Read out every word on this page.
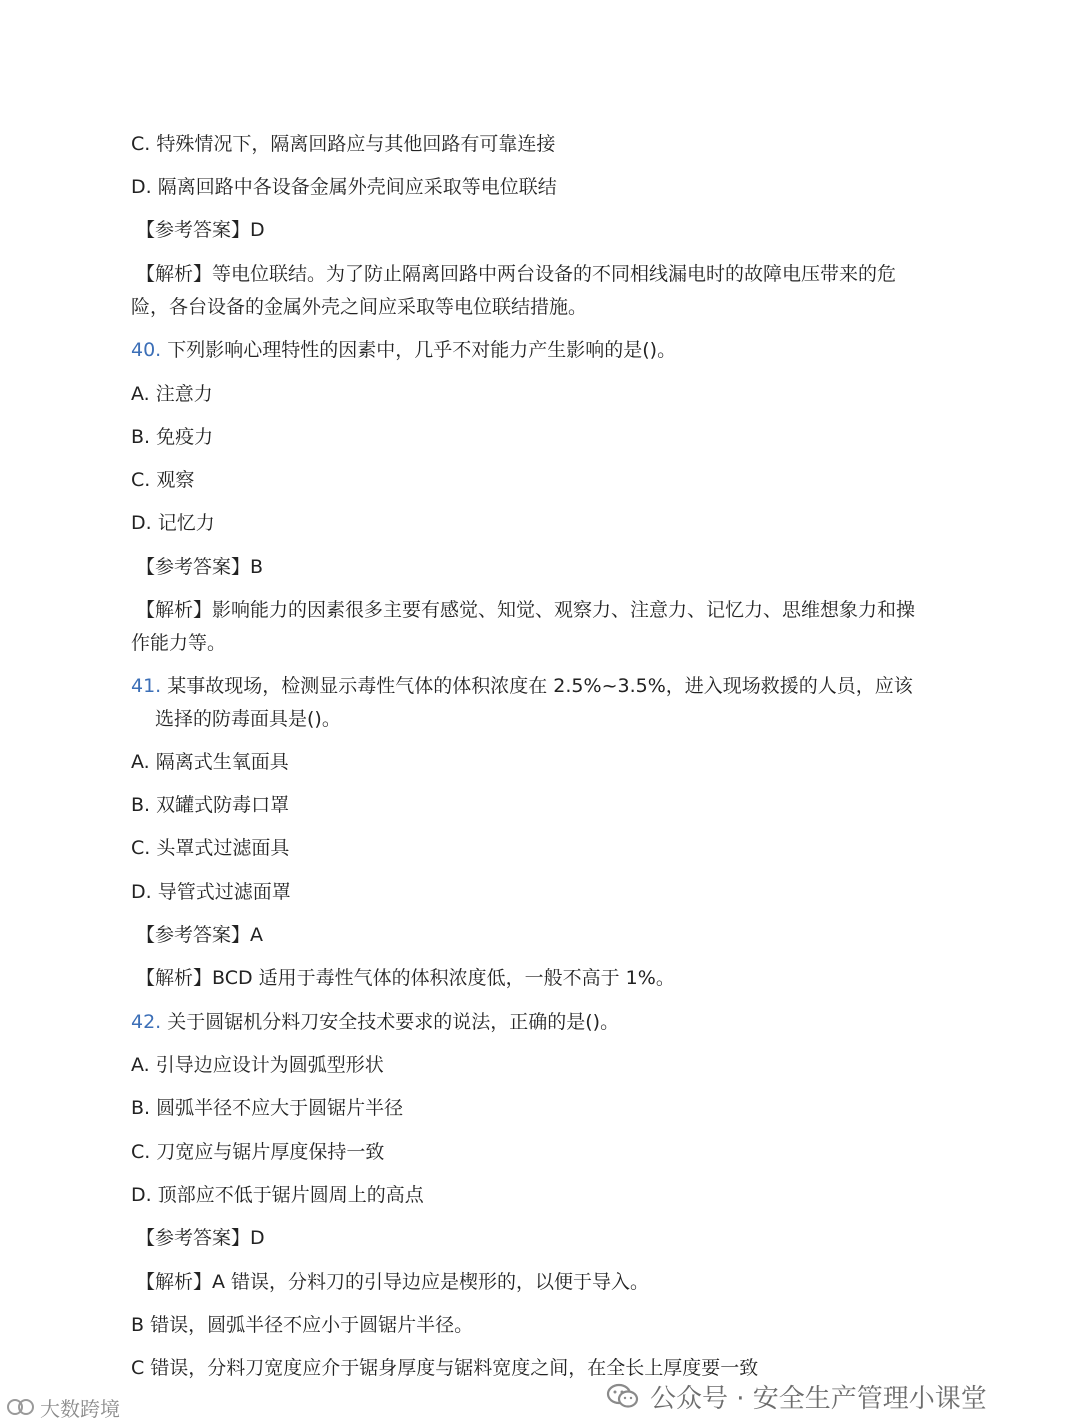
C. 特殊情况下，隔离回路应与其他回路有可靠连接
D. 隔离回路中各设备金属外壳间应采取等电位联结
【参考答案】D
【解析】等电位联结。为了防止隔离回路中两台设备的不同相线漏电时的故障电压带来的危
险，各台设备的金属外壳之间应采取等电位联结措施。
40. 下列影响心理特性的因素中，几乎不对能力产生影响的是()。
A. 注意力
B. 免疫力
C. 观察
D. 记忆力
【参考答案】B
【解析】影响能力的因素很多主要有感觉、知觉、观察力、注意力、记忆力、思维想象力和操
作能力等。
41. 某事故现场，检测显示毒性气体的体积浓度在 2.5%~3.5%，进入现场救援的人员，应该
选择的防毒面具是()。
A. 隔离式生氧面具
B. 双罐式防毒口罩
C. 头罩式过滤面具
D. 导管式过滤面罩
【参考答案】A
【解析】BCD 适用于毒性气体的体积浓度低，一般不高于 1%。
42. 关于圆锯机分料刀安全技术要求的说法，正确的是()。
A. 引导边应设计为圆弧型形状
B. 圆弧半径不应大于圆锯片半径
C. 刀宽应与锯片厚度保持一致
D. 顶部应不低于锯片圆周上的高点
【参考答案】D
【解析】A 错误，分料刀的引导边应是楔形的，以便于导入。
B 错误，圆弧半径不应小于圆锯片半径。
C 错误，分料刀宽度应介于锯身厚度与锯料宽度之间，在全长上厚度要一致
公众号 · 安全生产管理小课堂
大数跨境
